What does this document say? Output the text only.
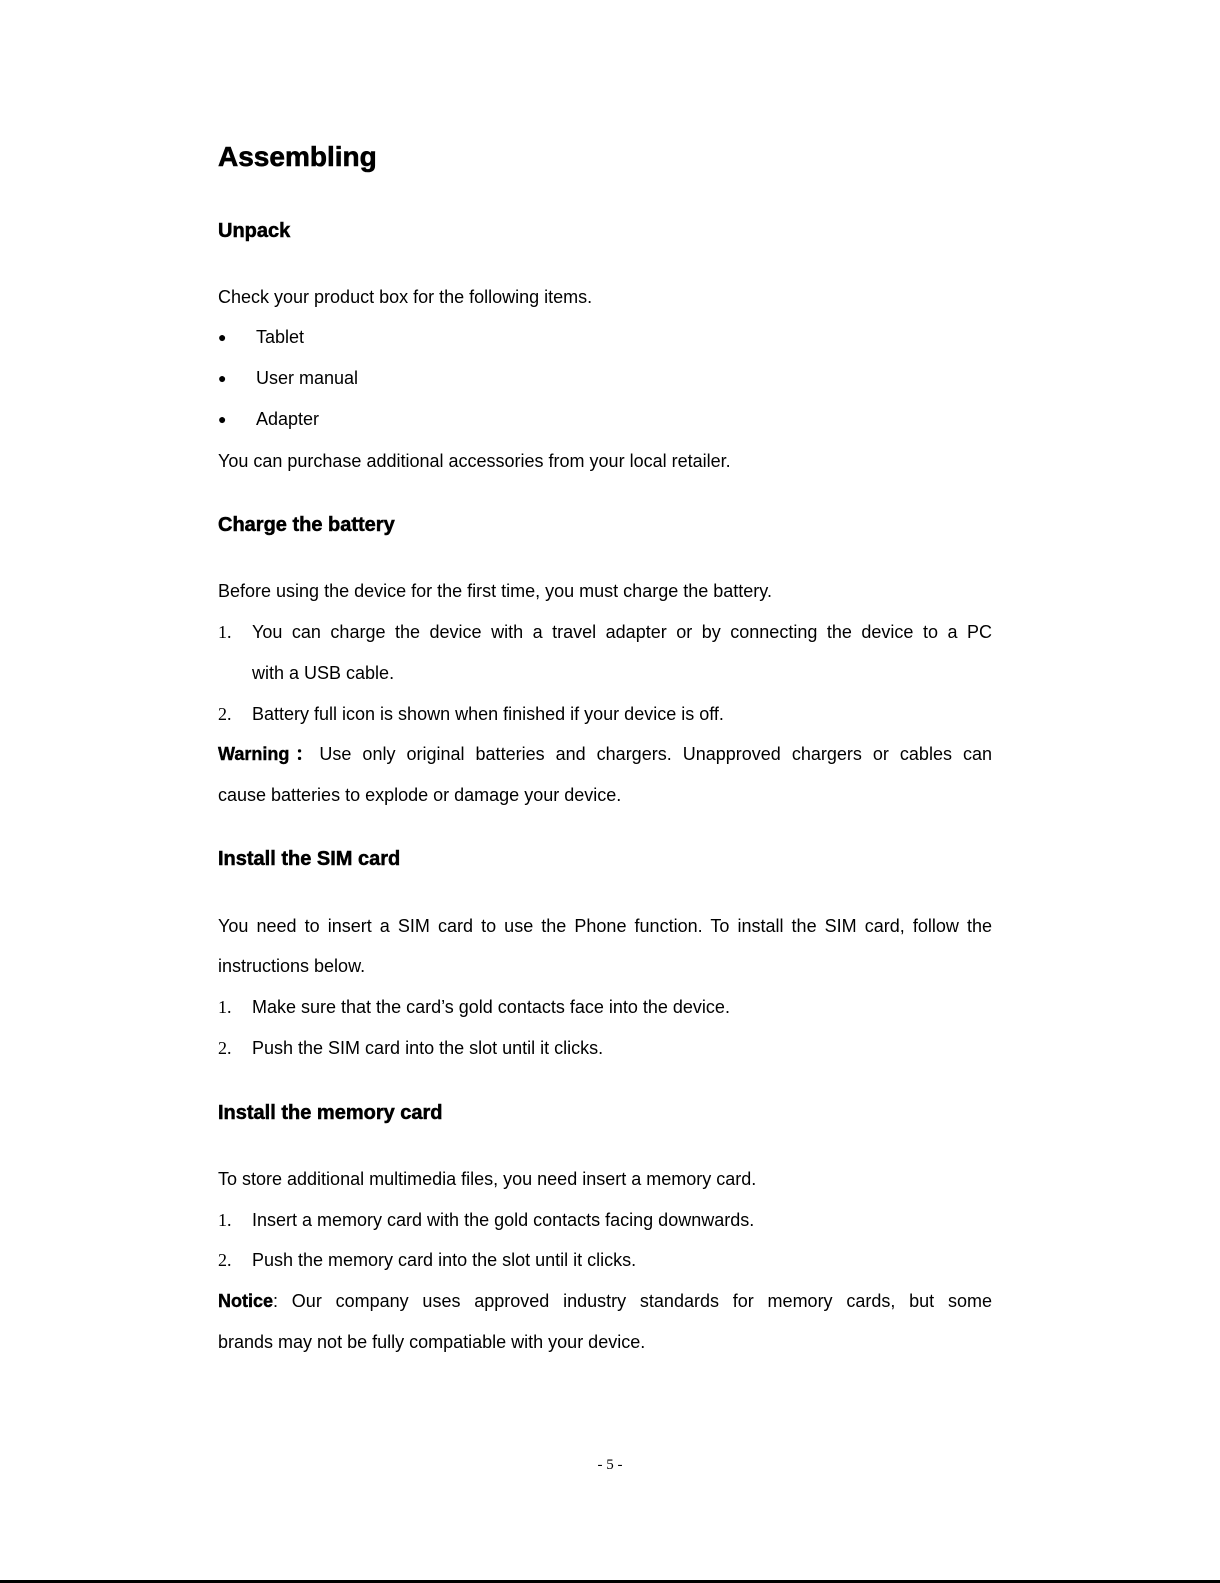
Assembling
Unpack
Check your product box for the following items.
● Tablet
● User manual
● Adapter
You can purchase additional accessories from your local retailer.
Charge the battery
Before using the device for the first time, you must charge the battery.
1. You can charge the device with a travel adapter or by connecting the device to a PC
with a USB cable.
2. Battery full icon is shown when finished if your device is off.
Warning：Use only original batteries and chargers. Unapproved chargers or cables can
cause batteries to explode or damage your device.
Install the SIM card
You need to insert a SIM card to use the Phone function. To install the SIM card, follow the
instructions below.
1. Make sure that the card’s gold contacts face into the device.
2. Push the SIM card into the slot until it clicks.
Install the memory card
To store additional multimedia files, you need insert a memory card.
1. Insert a memory card with the gold contacts facing downwards.
2. Push the memory card into the slot until it clicks.
Notice: Our company uses approved industry standards for memory cards, but some
brands may not be fully compatiable with your device.
- 5 -
